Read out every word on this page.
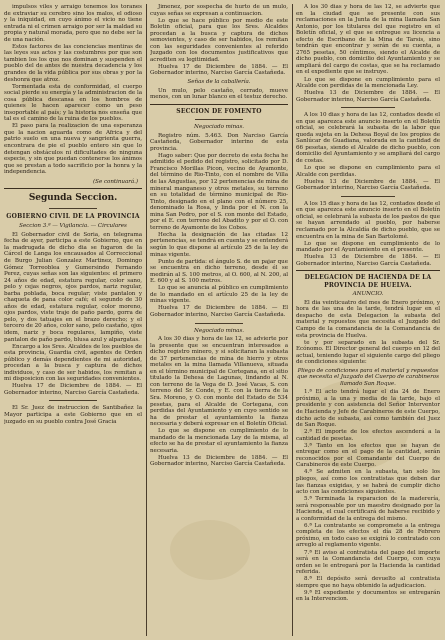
impulsos viles y arraigo tenemos los toranes de extraviar su cerebro sino los malos, el odioso y la iniquidad, en cuyo ánimo el vicio no tiene entrada ni el crimen arraigo por ser la maldad su propia y natural morada, pero que no debe ser la de una nación.

Estos factores de las conciencias mentiras de las leyes sus actos y las costumbres por que son tambien los los que nos dominan y suspenden el pueblo del de antes de nuestra decadencia y los grandes de la vida pública por sus obras y por la deshonra que atroz.

Tormentada esta de conformidad, el cuerpo social pierde su energía y la administracion de la cosa pública descansa en los hombros de quienes le hacen aparecer como un peso insoportable al país; y la historia nos enseña que tal es el camino de la ruina de los pueblos.

El paso para la realizacion de una esperanza que la nacion aguarda como de Africa y del patrio suelo en una nueva y sangrienta guerra, encontrara de pie el pueblo entero sin que lo detengan obstáculos ni dificultades de ninguna especie, y sin que puedan contenerse los ánimos que se prestan a todo sacrificio por la honra y la independencia.

(Se continuará.)
Segunda Seccion.
GOBIERNO CIVIL DE LA PROVINCIA
Seccion 3.ª — Vigilancia. — Circulares

El Gobernador civil de Soria, en telegrama fecha de ayer, participa a este Gobierno, que en la madrugada de dicho dia se fugaron de la Cárcel de Langa los encausados al Correccional de Burgo Julian Gonzalez Martinez, Domingo Gómez Torreoblea y Gumersindo Fernando Perez, cuyas señas son las siguientes: el primero 24 años de edad, estatura regular, color sano, pelo y cejas negros, ojos pardos, nariz regular, barba poblada, boca regular; viste pantalon y chaqueta de pana color café; el segundo de 30 años de edad, estatura regular, color moreno, ojos pardos, viste traje de paño pardo, gorra de pelo, y dos tatuajes en el brazo derecho; y el tercero de 20 años, color sano, pelo castaño, ojos idem, nariz y boca regulares, lampiño, viste pantalon de paño pardo, blusa azul y alpargatas.

Encargo a los Sres. Alcaldes de los pueblos de esta provincia, Guardia civil, agentes de Orden público y demás dependientes de mi autoridad, procedan a la busca y captura de dichos individuos, y caso de ser habidos, los remitan a mi disposicion con las seguridades convenientes.

Huelva 17 de Diciembre de 1884. — El Gobernador interino, Narciso García Castañeda.

El Sr. Juez de instruccion de Santibañez la Mayor participa a este Gobierno que en el juzgado en su pueblo contra José Gracia

Jimenez, por sospecha de hurto de un mulo, cuyas señas se expresan a continuacion.

Lo que se hace público por medio de este Boletin oficial, para que los Sres. Alcaldes procedan a la busca y captura de dichos semovientes, y caso de ser habidos, los remitan con las seguridades convenientes al referido Juzgado con los documentos justificativos que acrediten su legitimidad.

Huelva 17 de Diciembre de 1884. — El Gobernador interino, Narciso García Castañeda.

Señas de la caballería.

Un mulo, pelo castaño, cerrado, mueve menos, con un lunar blanco en el testuz derecho.

SECCION DE FOMENTO
Negociado minas.

Registro núm. 5.463. Don Narciso García Castañeda, Gobernador interino de esta provincia.

Hago saber: Que por decreto de esta fecha he admitido el pedido del registro, solicitado por D. Francisco Morillas Picon, vecino de Ayamonte, del término de Rio-Tinto, con el nombre de Villa de las Angustias, por 12 pertenencias de mina de mineral manganeso y otros metales, su terreno en su totalidad de término municipal de Rio-Tinto, designado en el plano con el número 25, denominado la Rosa, y linda por el N. con la mina San Pedro, por el S. con monte del Estado, por el E. con terreno del Abadito y por el O. con terreno de Ayamonte de los Cobos.

Hecha la designación de las citadas 12 pertenencias, se tendrá en cuenta y se entenderá según lo que dispone al artículo 25 de la ley de minas vigente.

Punto de partida: el ángulo S. de un pajar que se encuentra en dicho terreno, desde él se medirán al S. 100 metros, al O. 600, al N. 200, al E. 600 y al S. 100 metros.

Lo que se anuncia al público en cumplimiento de lo mandado en el artículo 25 de la ley de minas vigente.

Huelva 17 de Diciembre de 1884. — El Gobernador interino, Narciso García Castañeda.

Negociado minas.

A los 30 dias y hora de las 12, se advierte por la presente que se encuentran interesados a dicho registro minero, y si solicitaran la subasta de 37 pertenencias de mina de hierro y otros metales en la mina llamada Villanueva, situada en el término municipal de Cortegana, en el sitio titulado la Dehesa de Lagunas, lindando al N. con terreno de la Vega de D. José Vacas, S. con terreno del Sr. Conde, y E. con la tierra de la Sra. Moreno, y O. con monte del Estado de 534 pesetas, para el Alcalde de Cortegana, con perdidas del Ayuntamiento y en cuyo sentido se ha de prestar el ayuntamiento la fianza necesaria y deberá expresar en el Boletín Oficial.

Lo que se dispone en cumplimiento de lo mandado de la mencionada Ley de la misma, al efecto se ha de prestar el ayuntamiento la fianza necesaria.

Huelva 13 de Diciembre de 1884. — El Gobernador interino, Narciso García Castañeda.

A los 30 dias y hora de las 12, se advierte que en la ciudad que se presente con sus reclamaciones en la Junta de la mina llamada San Antonio, por los titulares del que registro en el Boletín oficial, y el que se entregue su licencia a efecto de Escribano de la Mina de Tarsis, sino tendrán que encontrar y serán de su cuenta, a 2765 pesetas, 50 céntimos, siendo el Alcalde de dicho pueblo, con domicilio del Ayuntamiento y se ampliará del cargo de costas, que se ha reclamado en el expediente que se instruye.

Lo que se dispone en cumplimiento para el Alcalde con perdidas de la mencionada Ley.

Huelva 13 de Diciembre de 1884. — El Gobernador interino, Narciso García Castañeda.

A los 10 dias y hora de las 12, contados desde el en que aparezca este anuncio inserto en el Boletín oficial, se celebrará la subasta de la labor que queda sujeta en la Dehesa Boyal de los propios de Sanlúcar de Guadiana, valorada en la cantidad de 66 pesetas, siendo el Alcalde de dicho pueblo, con domicilio del Ayuntamiento y se ampliará del cargo de costas.

Lo que se dispone en cumplimiento para el Alcalde con perdidas.

Huelva 13 de Diciembre de 1884. — El Gobernador interino, Narciso García Castañeda.

A los 15 dias y hora de las 12, contados desde el en que aparezca este anuncio inserto en el Boletín oficial, se celebrará la subasta de los pastos de que se hayan arrendado al pueblo, por haberse reclamado por la Alcaldía de dicho pueblo, que se encuentra en la mina de San Bartolomé.

Lo que se dispone en cumplimiento de lo mandado por el Ayuntamiento en el presente.

Huelva 13 de Diciembre de 1884. — El Gobernador interino, Narciso García Castañeda.

DELEGACION DE HACIENDA DE LA PROVINCIA DE HUELVA.
ANUNCIO.

El dia veinticuatro del mes de Enero próximo, y hora de las una de la tarde, tendrá lugar en el despacho de esta Delegacion la subasta del material y repuestos que necesita el Juzgado del Campo de la comandancia de la Comandancia de esta provincia de Huelva.

te y por separado en la subasta del Sr. Ecónomo. El Director general del cuerpo en 12 del actual, teniendo lugar el siguiente cargo del pliego de condiciones siguiente:

Pliego de condiciones para el material y repuestos que necesita el Juzgado del Cuerpo de carabineros llamado San Roque.

1.ª El acto tendrá lugar el dia 24 de Enero próximo, a la una y media de la tarde, bajo el presidente y con asistencia del Señor Interventor de Hacienda y Jefe de Carabineros de este Cuerpo, dicho acto de subasta, así como también del Juez de San Roque.

2.ª El importe de los efectos ascenderá a la cantidad de pesetas.

3.ª Tanto en los efectos que se hayan de entregar como en el pago de la cantidad, serán reconocidos por el Comandante del Cuerpo de Carabineros de este Cuerpo.

4.ª Se admiten en la subasta, tan solo los pliegos, así como los contratistas que deben dar las fianzas exigidas, y se habrá de cumplir dicho acto con las condiciones siguientes.

5.ª Terminada la reparacion de la maderería, será responsable por un maestro designado por la Hacienda, el cual certificará de haberse recibido y a conformidad de la entrega del mismo.

6.ª La contratante se compromete a la entrega completa de los efectos el día 28 de Febrero próximo, en todo caso se exigirá lo contratado con arreglo al reglamento vigente.

7.ª El aviso al contratista del pago del importe será en la Comandancia del Cuerpo, con cuya orden se le entregará por la Hacienda la cantidad referida.

8.ª El depósito será devuelto al contratista siempre que no haya obtenido la adjudicacion.

9.ª El expediente y documentos se entregarán en la Intervencion.
